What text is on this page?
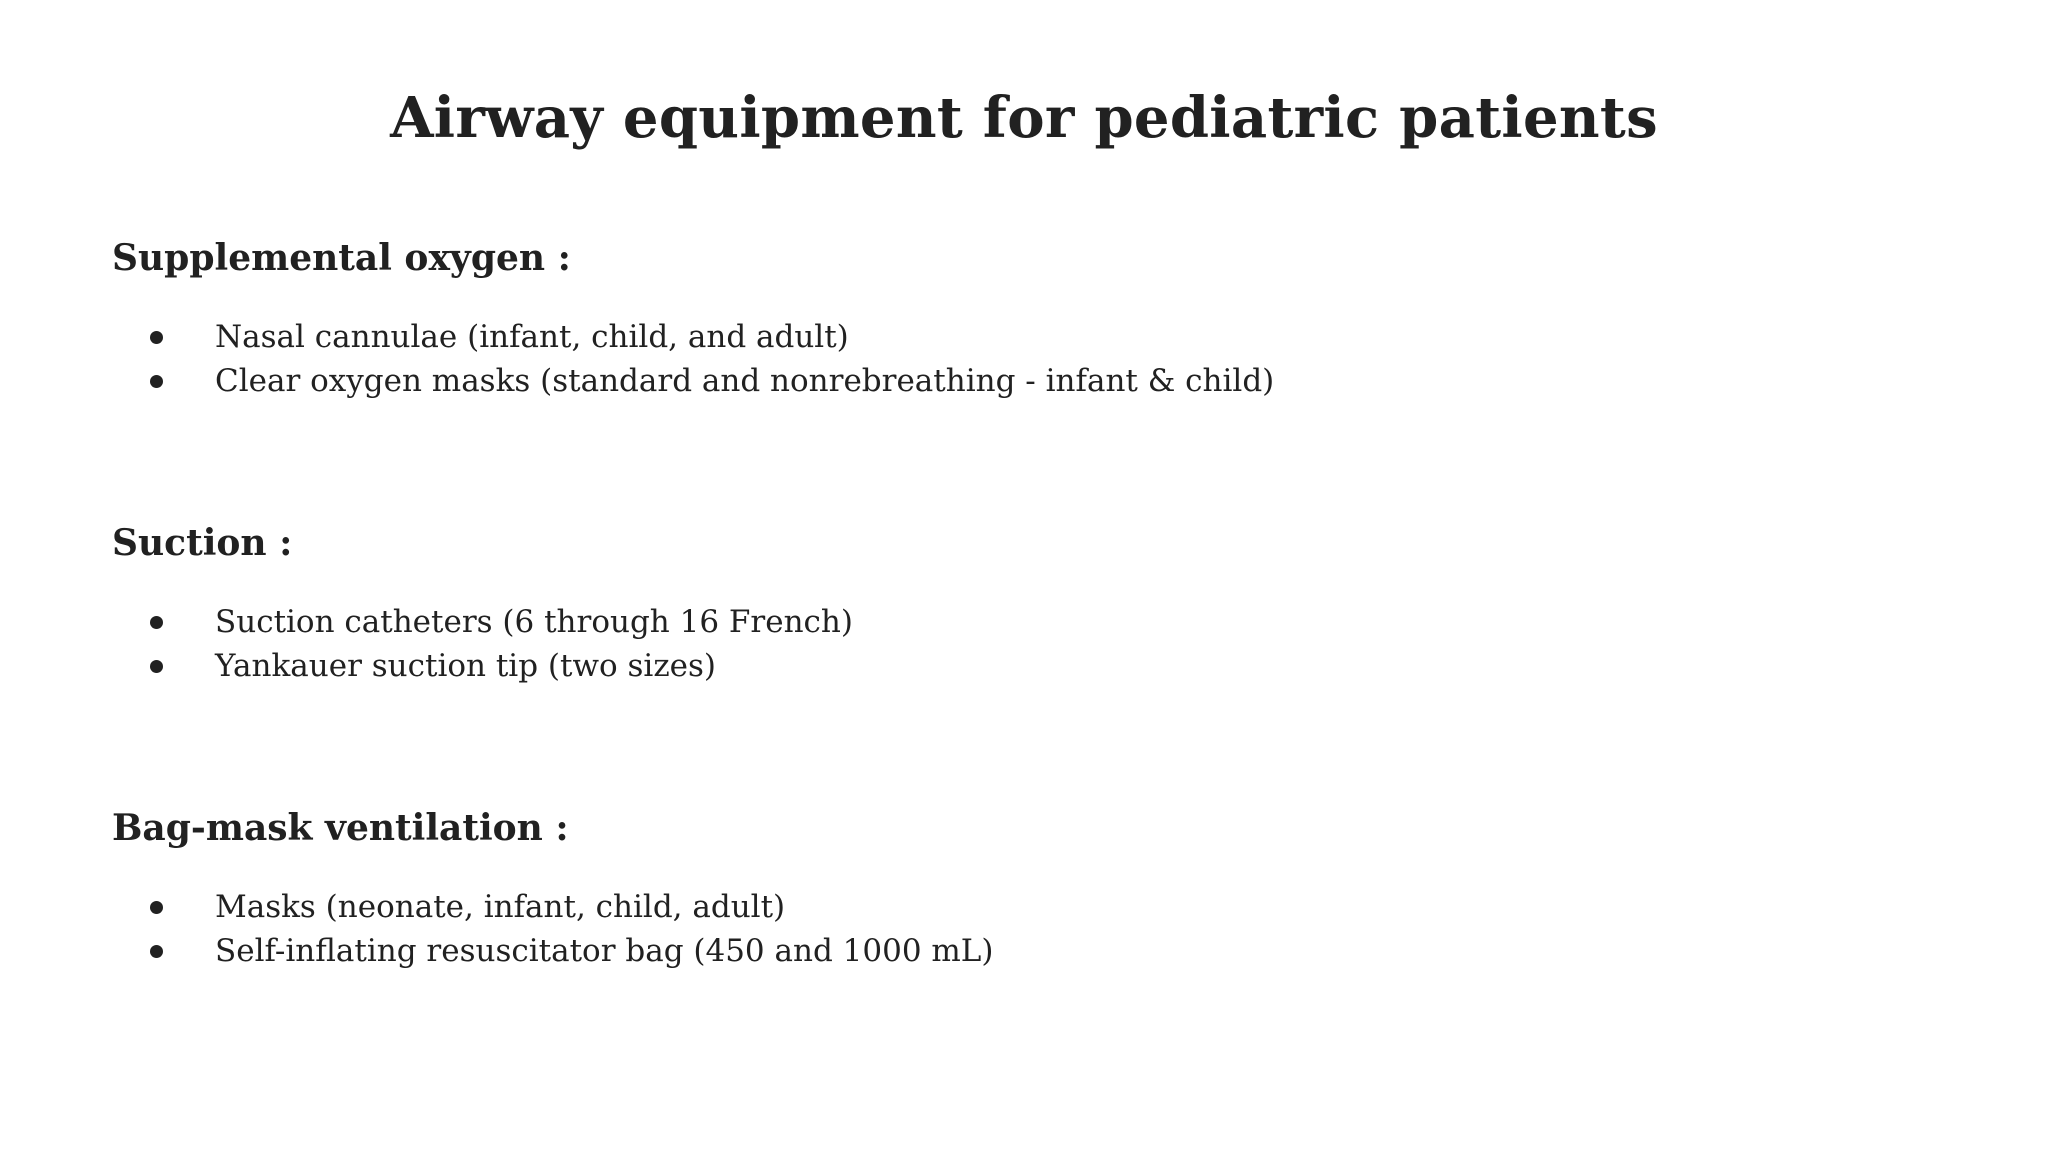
Airway equipment for pediatric patients
Supplemental oxygen :
Nasal cannulae (infant, child, and adult)
Clear oxygen masks (standard and nonrebreathing - infant & child)
Suction :
Suction catheters (6 through 16 French)
Yankauer suction tip (two sizes)
Bag-mask ventilation :
Masks (neonate, infant, child, adult)
Self-inflating resuscitator bag (450 and 1000 mL)
